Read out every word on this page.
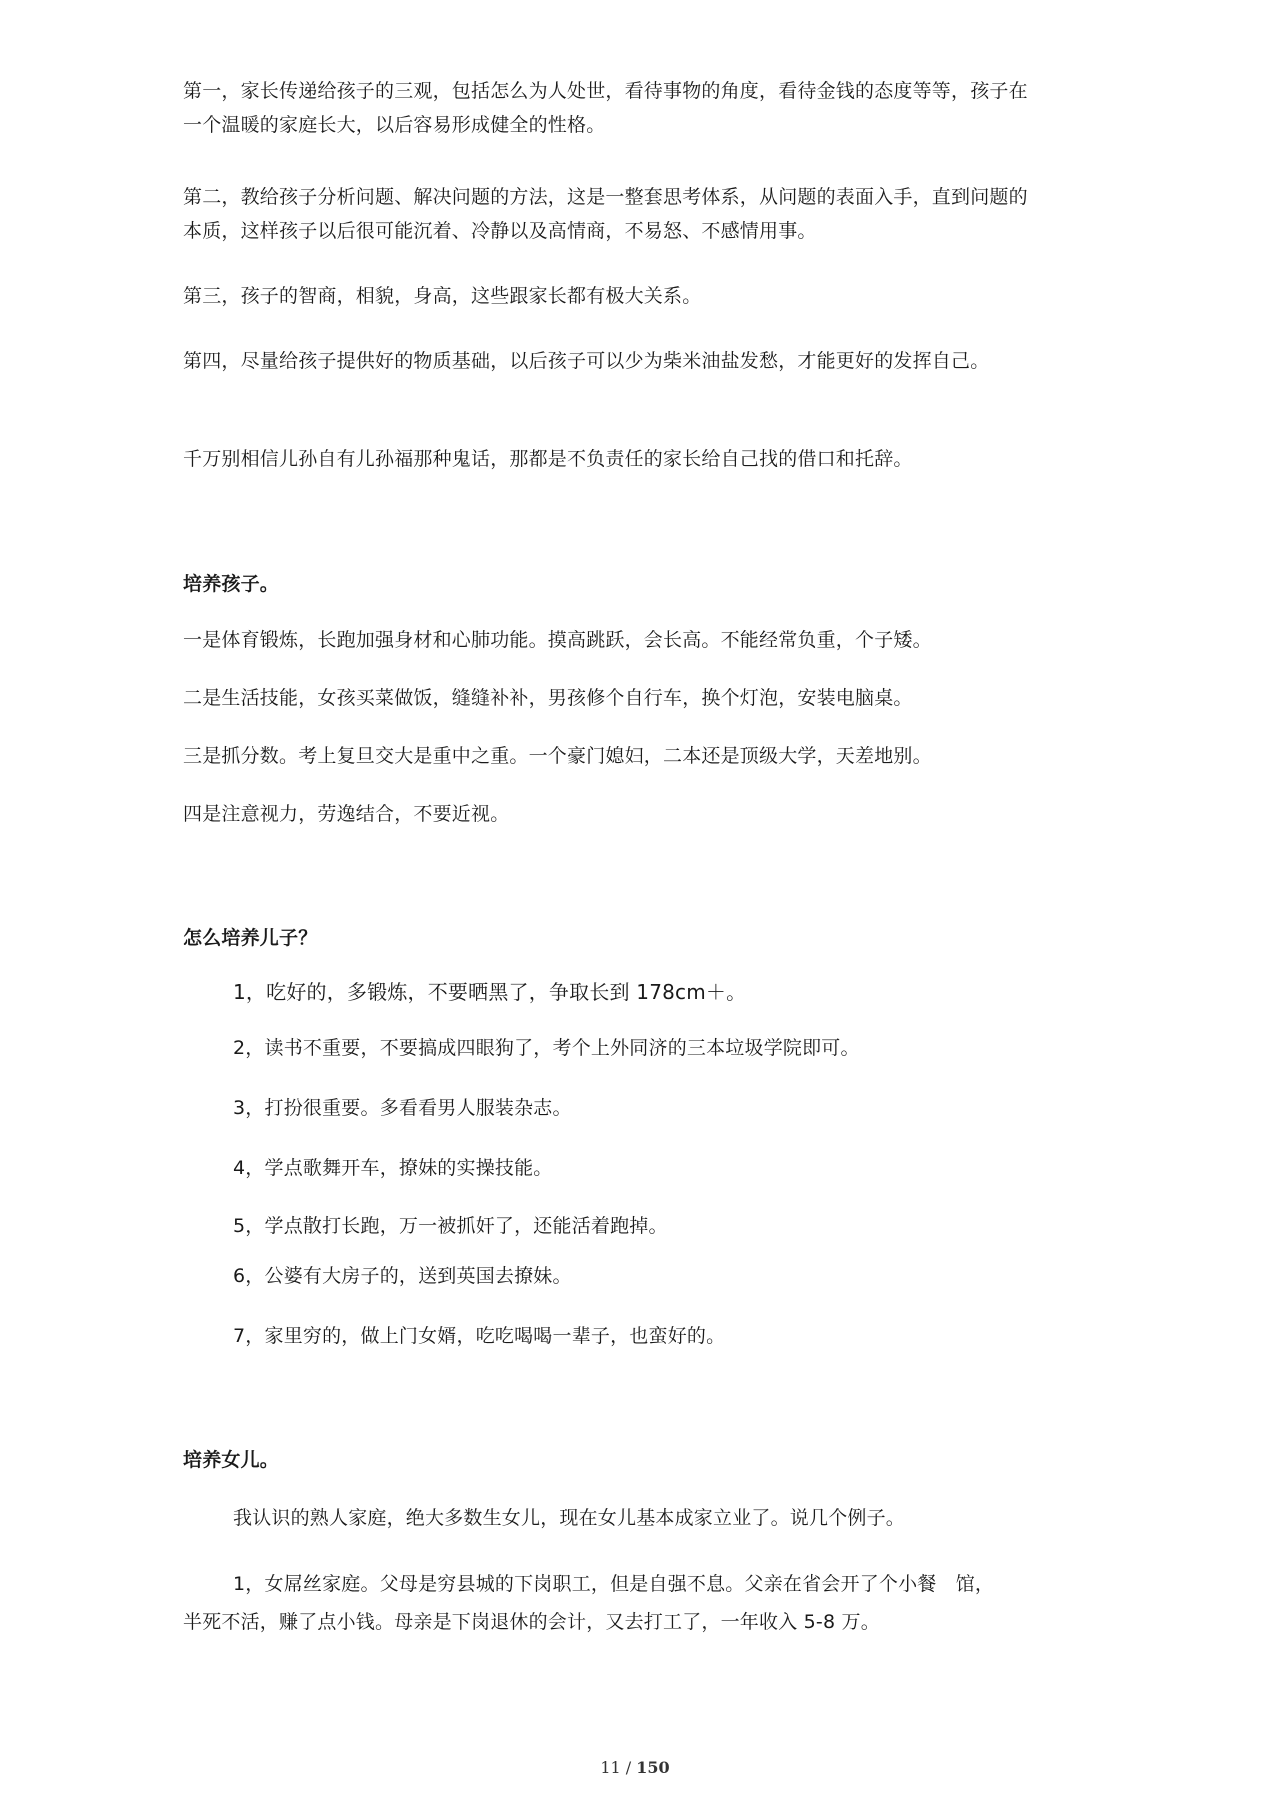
第一，家长传递给孩子的三观，包括怎么为人处世，看待事物的角度，看待金钱的态度等等，孩子在一个温暖的家庭长大，以后容易形成健全的性格。
第二，教给孩子分析问题、解决问题的方法，这是一整套思考体系，从问题的表面入手，直到问题的本质，这样孩子以后很可能沉着、冷静以及高情商，不易怒、不感情用事。
第三，孩子的智商，相貌，身高，这些跟家长都有极大关系。
第四，尽量给孩子提供好的物质基础，以后孩子可以少为柴米油盐发愁，才能更好的发挥自己。
千万别相信儿孙自有儿孙福那种鬼话，那都是不负责任的家长给自己找的借口和托辞。
培养孩子。
一是体育锻炼，长跑加强身材和心肺功能。摸高跳跃，会长高。不能经常负重，个子矮。
二是生活技能，女孩买菜做饭，缝缝补补，男孩修个自行车，换个灯泡，安装电脑桌。
三是抓分数。考上复旦交大是重中之重。一个豪门媳妇，二本还是顶级大学，天差地别。
四是注意视力，劳逸结合，不要近视。
怎么培养儿子？
1，吃好的，多锻炼，不要晒黑了，争取长到 178cm＋。
2，读书不重要，不要搞成四眼狗了，考个上外同济的三本垃圾学院即可。
3，打扮很重要。多看看男人服装杂志。
4，学点歌舞开车，撩妹的实操技能。
5，学点散打长跑，万一被抓奸了，还能活着跑掉。
6，公婆有大房子的，送到英国去撩妹。
7，家里穷的，做上门女婿，吃吃喝喝一辈子，也蛮好的。
培养女儿。
我认识的熟人家庭，绝大多数生女儿，现在女儿基本成家立业了。说几个例子。
1，女屌丝家庭。父母是穷县城的下岗职工，但是自强不息。父亲在省会开了个小餐　馆，
半死不活，赚了点小钱。母亲是下岗退休的会计，又去打工了，一年收入 5-8 万。
11 / 150
